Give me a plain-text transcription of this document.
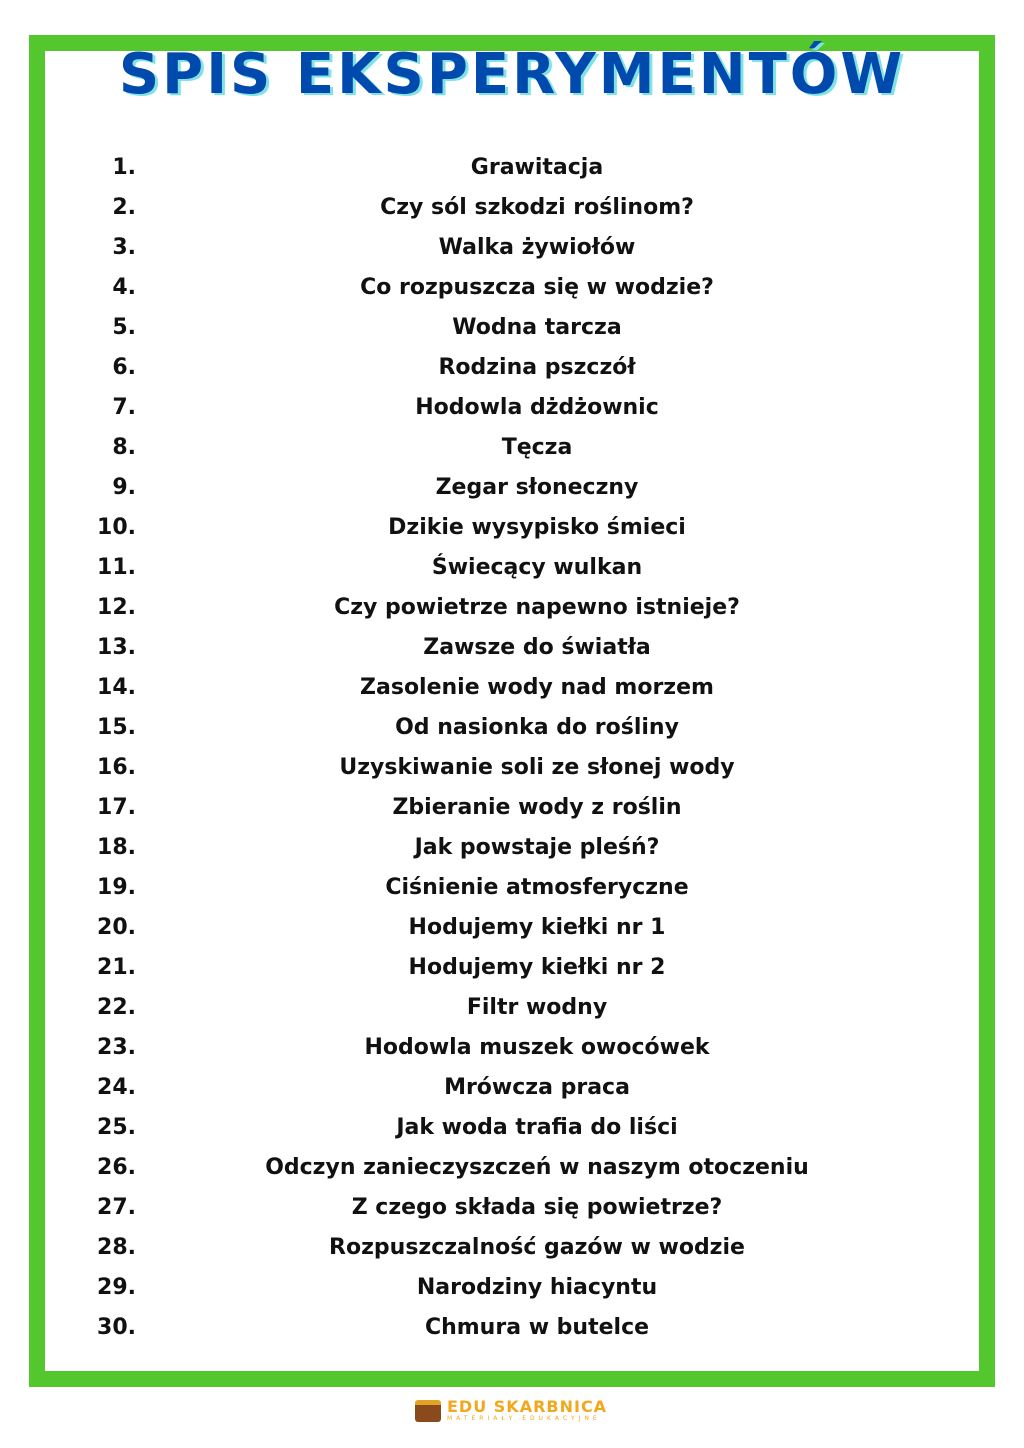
SPIS EKSPERYMENTÓW
1.	Grawitacja
2.	Czy sól szkodzi roślinom?
3.	Walka żywiołów
4.	Co rozpuszcza się w wodzie?
5.	Wodna tarcza
6.	Rodzina pszczół
7.	Hodowla dżdżownic
8.	Tęcza
9.	Zegar słoneczny
10.	Dzikie wysypisko śmieci
11.	Świecący wulkan
12.	Czy powietrze napewno istnieje?
13.	Zawsze do światła
14.	Zasolenie wody nad morzem
15.	Od nasionka do rośliny
16.	Uzyskiwanie soli ze słonej wody
17.	Zbieranie wody z roślin
18.	Jak powstaje pleśń?
19.	Ciśnienie atmosferyczne
20.	Hodujemy kiełki nr 1
21.	Hodujemy kiełki nr 2
22.	Filtr wodny
23.	Hodowla muszek owocówek
24.	Mrówcza praca
25.	Jak woda trafia do liści
26.	Odczyn zanieczyszczeń w naszym otoczeniu
27.	Z czego składa się powietrze?
28.	Rozpuszczalność gazów w wodzie
29.	Narodziny hiacyntu
30.	Chmura w butelce
EDU SKARBNICA
MATERIAŁY EDUKACYJNE
